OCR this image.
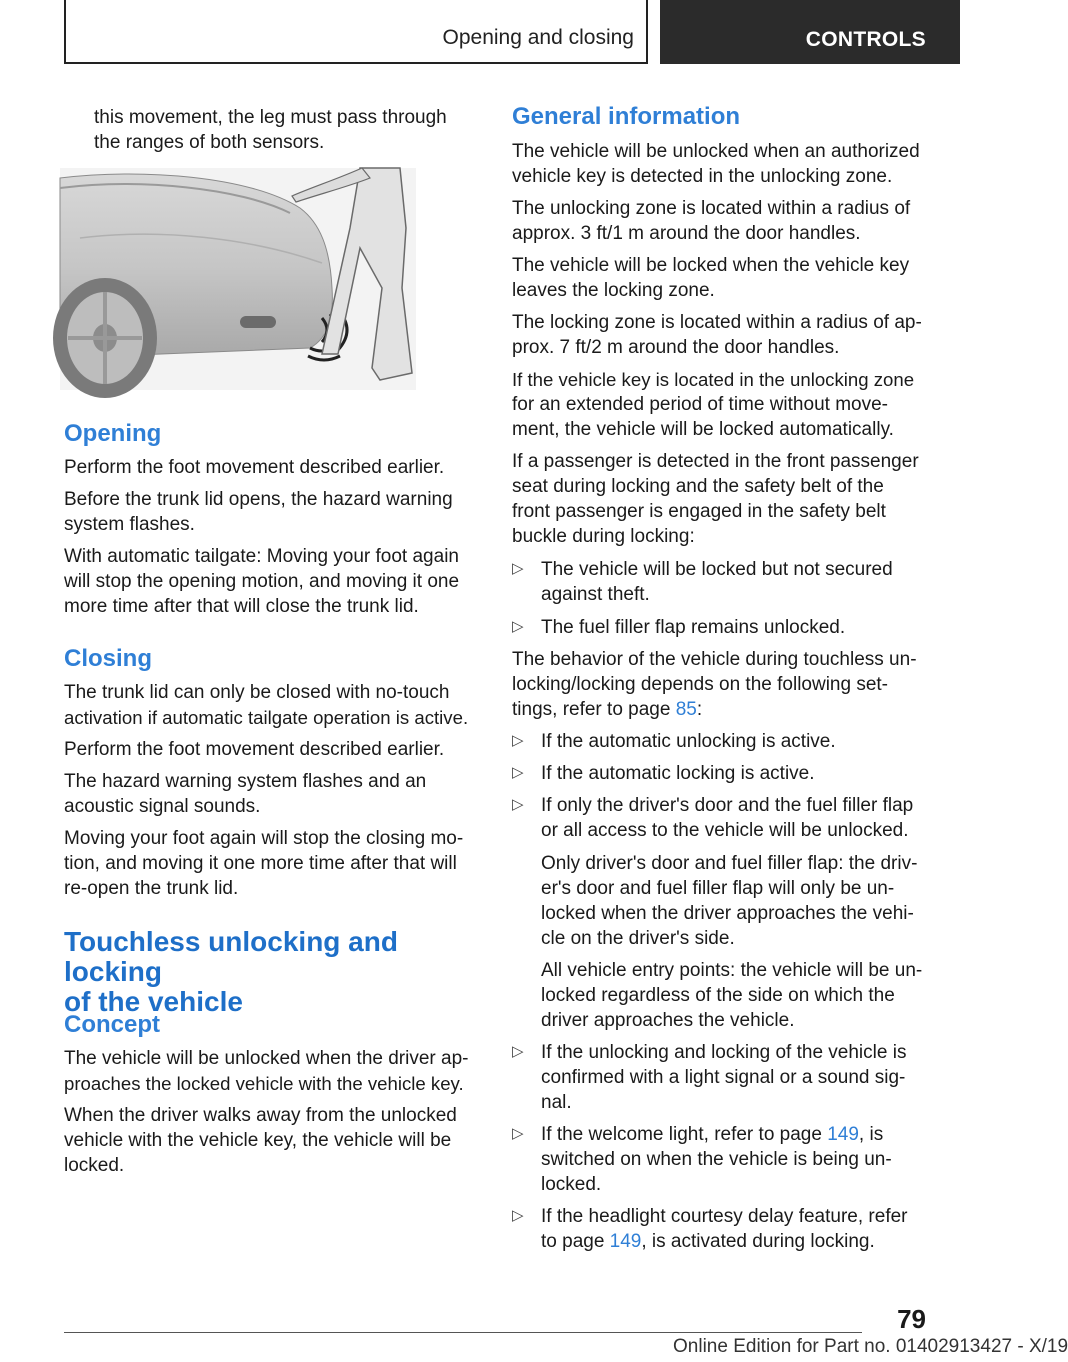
Opening and closing	CONTROLS

this movement, the leg must pass through

the ranges of both sensors.

Opening

Perform the foot movement described earlier.

Before the trunk lid opens, the hazard warning

system flashes.

With automatic tailgate: Moving your foot again

will stop the opening motion, and moving it one

more time after that will close the trunk lid.

Closing

The trunk lid can only be closed with no-touch

activation if automatic tailgate operation is active.

Perform the foot movement described earlier.

The hazard warning system flashes and an

acoustic signal sounds.

Moving your foot again will stop the closing mo-

tion, and moving it one more time after that will

re-open the trunk lid.

Touchless unlocking and locking
of the vehicle
Concept

The vehicle will be unlocked when the driver ap-

proaches the locked vehicle with the vehicle key.

When the driver walks away from the unlocked

vehicle with the vehicle key, the vehicle will be

locked.

General information

The vehicle will be unlocked when an authorized

vehicle key is detected in the unlocking zone.

The unlocking zone is located within a radius of

approx. 3 ft/1 m around the door handles.

The vehicle will be locked when the vehicle key

leaves the locking zone.

The locking zone is located within a radius of ap-

prox. 7 ft/2 m around the door handles.

If the vehicle key is located in the unlocking zone

for an extended period of time without move-

ment, the vehicle will be locked automatically.

If a passenger is detected in the front passenger

seat during locking and the safety belt of the

front passenger is engaged in the safety belt

buckle during locking:

▷ The vehicle will be locked but not secured

against theft.

▷ The fuel filler flap remains unlocked.

The behavior of the vehicle during touchless un-

locking/locking depends on the following set-

tings, refer to page 85:

▷ If the automatic unlocking is active.

▷ If the automatic locking is active.

▷ If only the driver's door and the fuel filler flap

or all access to the vehicle will be unlocked.

Only driver's door and fuel filler flap: the driv-

er's door and fuel filler flap will only be un-

locked when the driver approaches the vehi-

cle on the driver's side.

All vehicle entry points: the vehicle will be un-

locked regardless of the side on which the

driver approaches the vehicle.

▷ If the unlocking and locking of the vehicle is

confirmed with a light signal or a sound sig-

nal.

▷ If the welcome light, refer to page 149, is

switched on when the vehicle is being un-

locked.

▷ If the headlight courtesy delay feature, refer

to page 149, is activated during locking.

79
Online Edition for Part no. 01402913427 - X/19
